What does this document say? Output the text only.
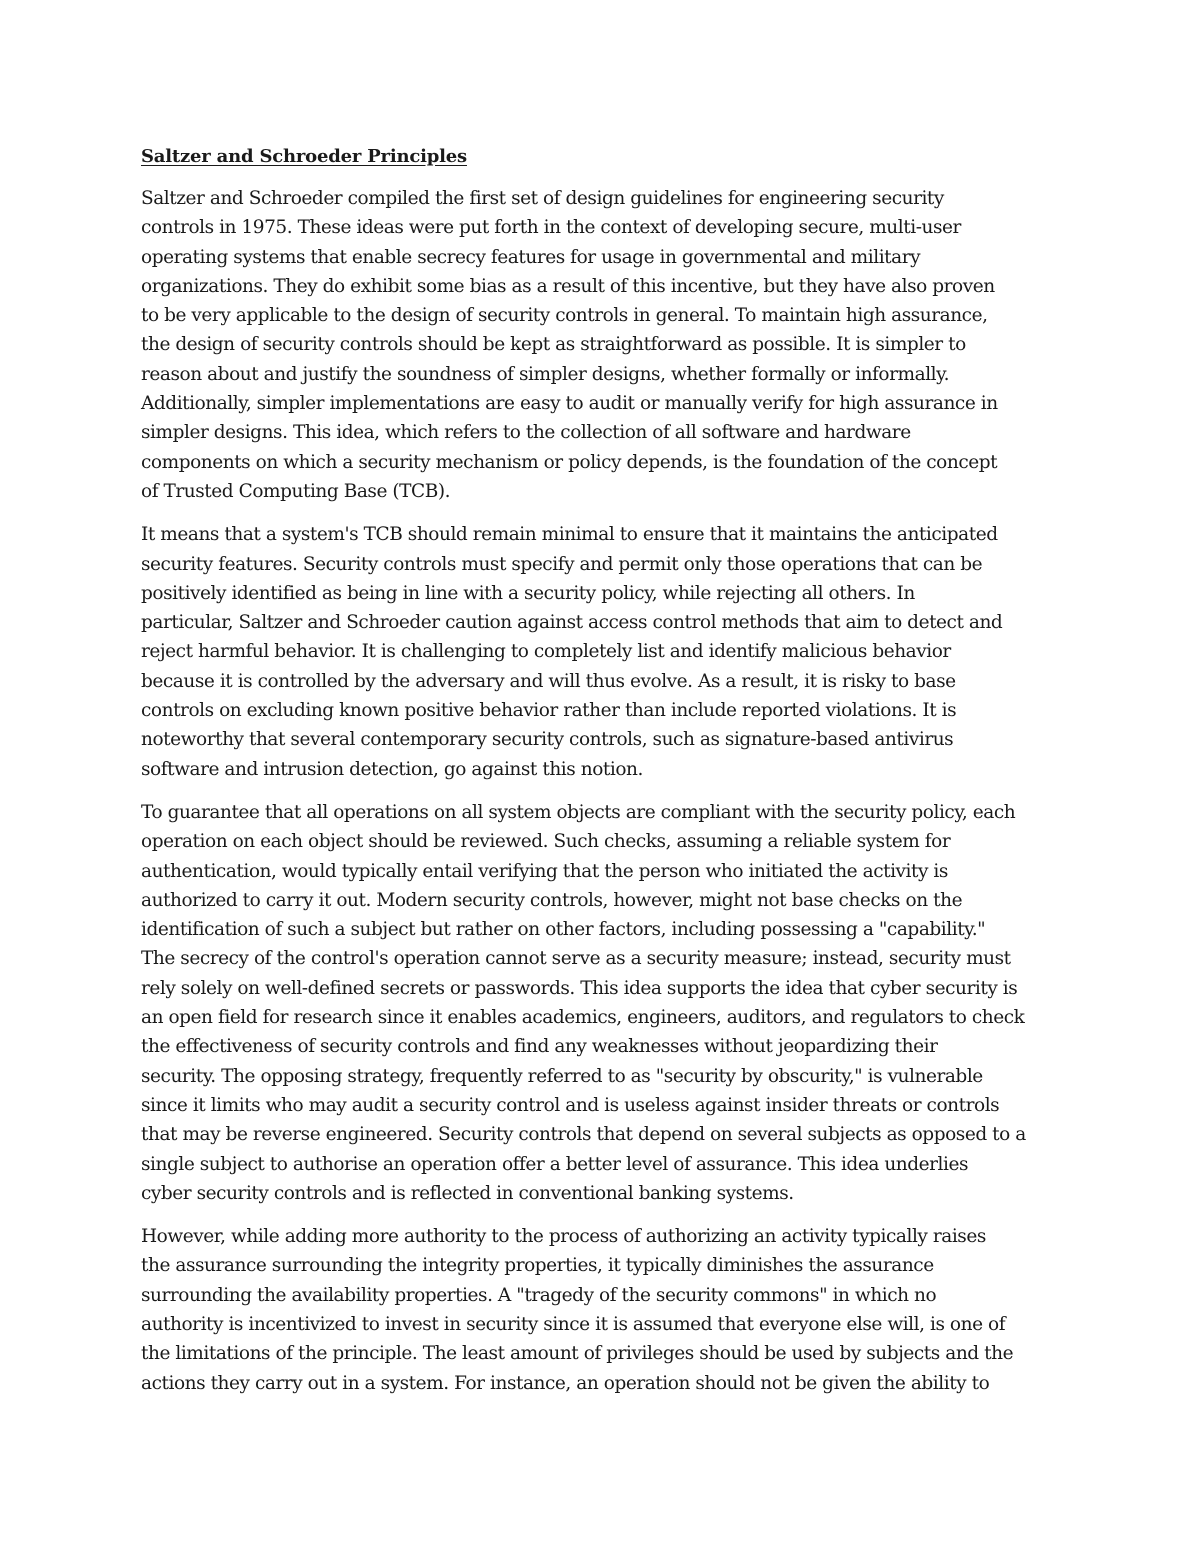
Saltzer and Schroeder Principles
Saltzer and Schroeder compiled the first set of design guidelines for engineering security
controls in 1975. These ideas were put forth in the context of developing secure, multi-user
operating systems that enable secrecy features for usage in governmental and military
organizations. They do exhibit some bias as a result of this incentive, but they have also proven
to be very applicable to the design of security controls in general. To maintain high assurance,
the design of security controls should be kept as straightforward as possible. It is simpler to
reason about and justify the soundness of simpler designs, whether formally or informally.
Additionally, simpler implementations are easy to audit or manually verify for high assurance in
simpler designs. This idea, which refers to the collection of all software and hardware
components on which a security mechanism or policy depends, is the foundation of the concept
of Trusted Computing Base (TCB).
It means that a system's TCB should remain minimal to ensure that it maintains the anticipated
security features. Security controls must specify and permit only those operations that can be
positively identified as being in line with a security policy, while rejecting all others. In
particular, Saltzer and Schroeder caution against access control methods that aim to detect and
reject harmful behavior. It is challenging to completely list and identify malicious behavior
because it is controlled by the adversary and will thus evolve. As a result, it is risky to base
controls on excluding known positive behavior rather than include reported violations. It is
noteworthy that several contemporary security controls, such as signature-based antivirus
software and intrusion detection, go against this notion.
To guarantee that all operations on all system objects are compliant with the security policy, each
operation on each object should be reviewed. Such checks, assuming a reliable system for
authentication, would typically entail verifying that the person who initiated the activity is
authorized to carry it out. Modern security controls, however, might not base checks on the
identification of such a subject but rather on other factors, including possessing a "capability."
The secrecy of the control's operation cannot serve as a security measure; instead, security must
rely solely on well-defined secrets or passwords. This idea supports the idea that cyber security is
an open field for research since it enables academics, engineers, auditors, and regulators to check
the effectiveness of security controls and find any weaknesses without jeopardizing their
security. The opposing strategy, frequently referred to as "security by obscurity," is vulnerable
since it limits who may audit a security control and is useless against insider threats or controls
that may be reverse engineered. Security controls that depend on several subjects as opposed to a
single subject to authorise an operation offer a better level of assurance. This idea underlies
cyber security controls and is reflected in conventional banking systems.
However, while adding more authority to the process of authorizing an activity typically raises
the assurance surrounding the integrity properties, it typically diminishes the assurance
surrounding the availability properties. A "tragedy of the security commons" in which no
authority is incentivized to invest in security since it is assumed that everyone else will, is one of
the limitations of the principle. The least amount of privileges should be used by subjects and the
actions they carry out in a system. For instance, an operation should not be given the ability to
